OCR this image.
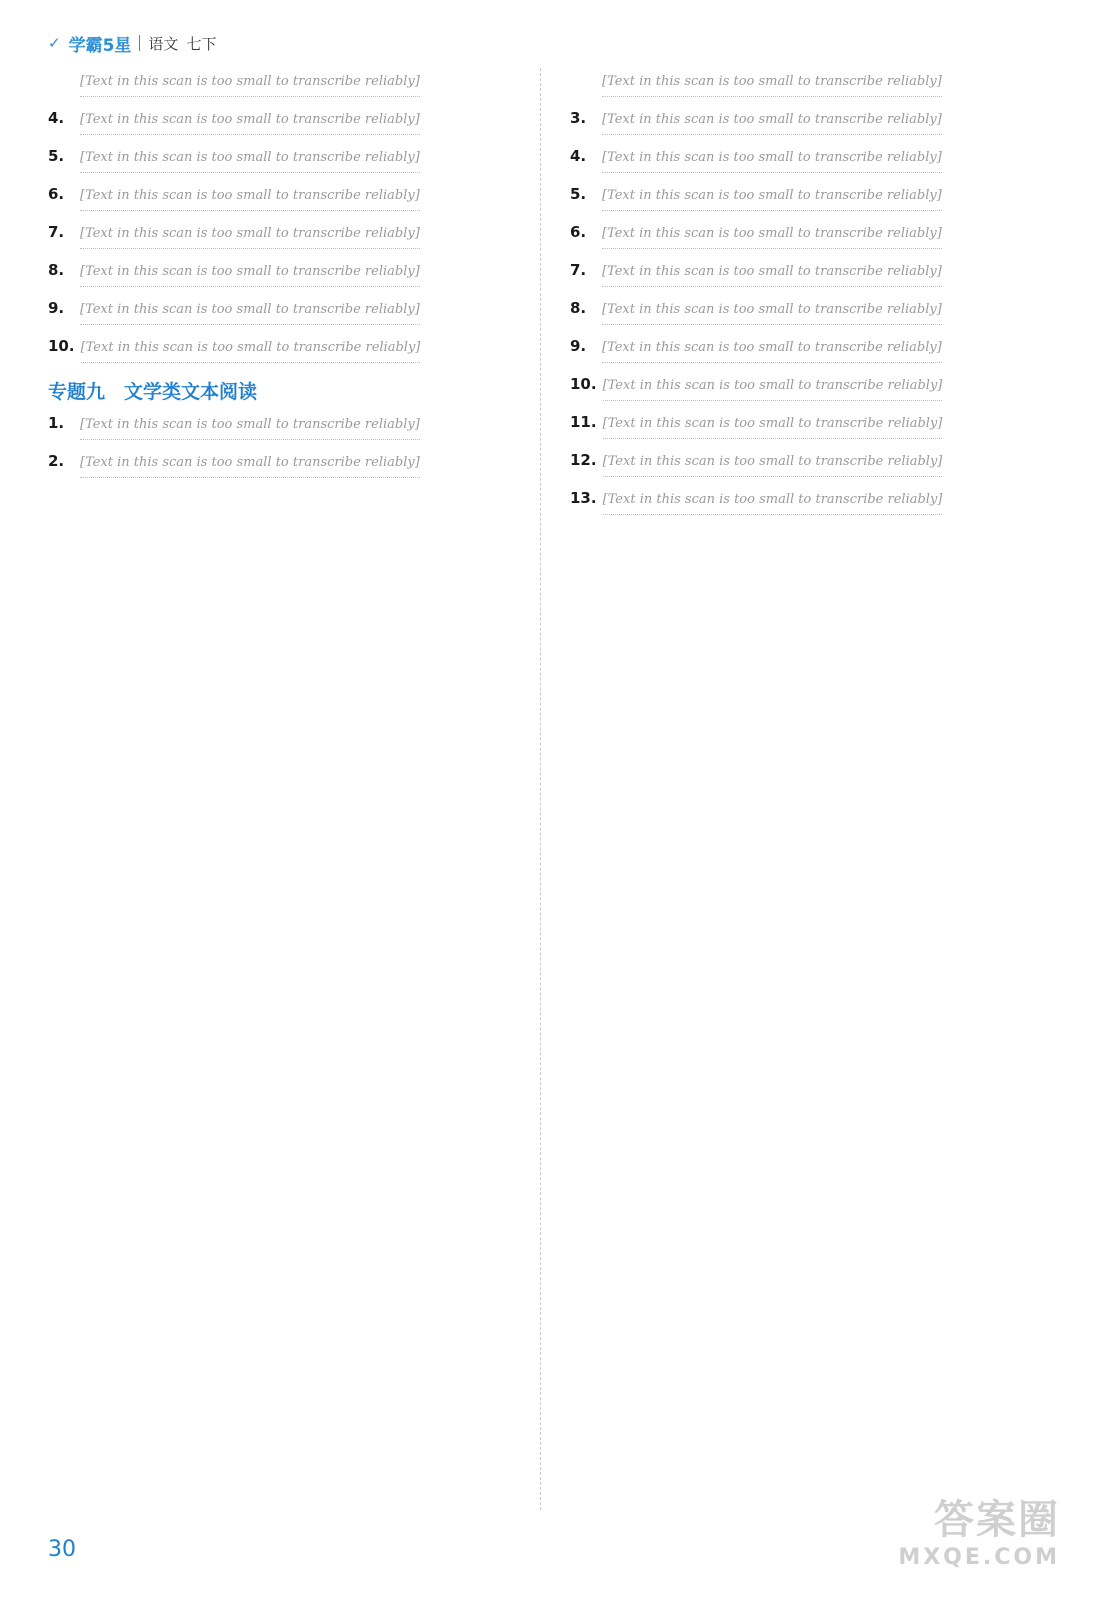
✓ 学霸5星 语文 七下
[Text in this scan is too small to transcribe reliably]
4.	[Text in this scan is too small to transcribe reliably]
5.	[Text in this scan is too small to transcribe reliably]
6.	[Text in this scan is too small to transcribe reliably]
7.	[Text in this scan is too small to transcribe reliably]
8.	[Text in this scan is too small to transcribe reliably]
9.	[Text in this scan is too small to transcribe reliably]
10. [Text in this scan is too small to transcribe reliably]
专题九　文学类文本阅读
1.	[Text in this scan is too small to transcribe reliably]
2.	[Text in this scan is too small to transcribe reliably]
[Text in this scan is too small to transcribe reliably]
3.	[Text in this scan is too small to transcribe reliably]
4.	[Text in this scan is too small to transcribe reliably]
5.	[Text in this scan is too small to transcribe reliably]
6.	[Text in this scan is too small to transcribe reliably]
7.	[Text in this scan is too small to transcribe reliably]
8.	[Text in this scan is too small to transcribe reliably]
9.	[Text in this scan is too small to transcribe reliably]
10. [Text in this scan is too small to transcribe reliably]
11. [Text in this scan is too small to transcribe reliably]
12. [Text in this scan is too small to transcribe reliably]
13. [Text in this scan is too small to transcribe reliably]
30
答案圈
MXQE.COM
